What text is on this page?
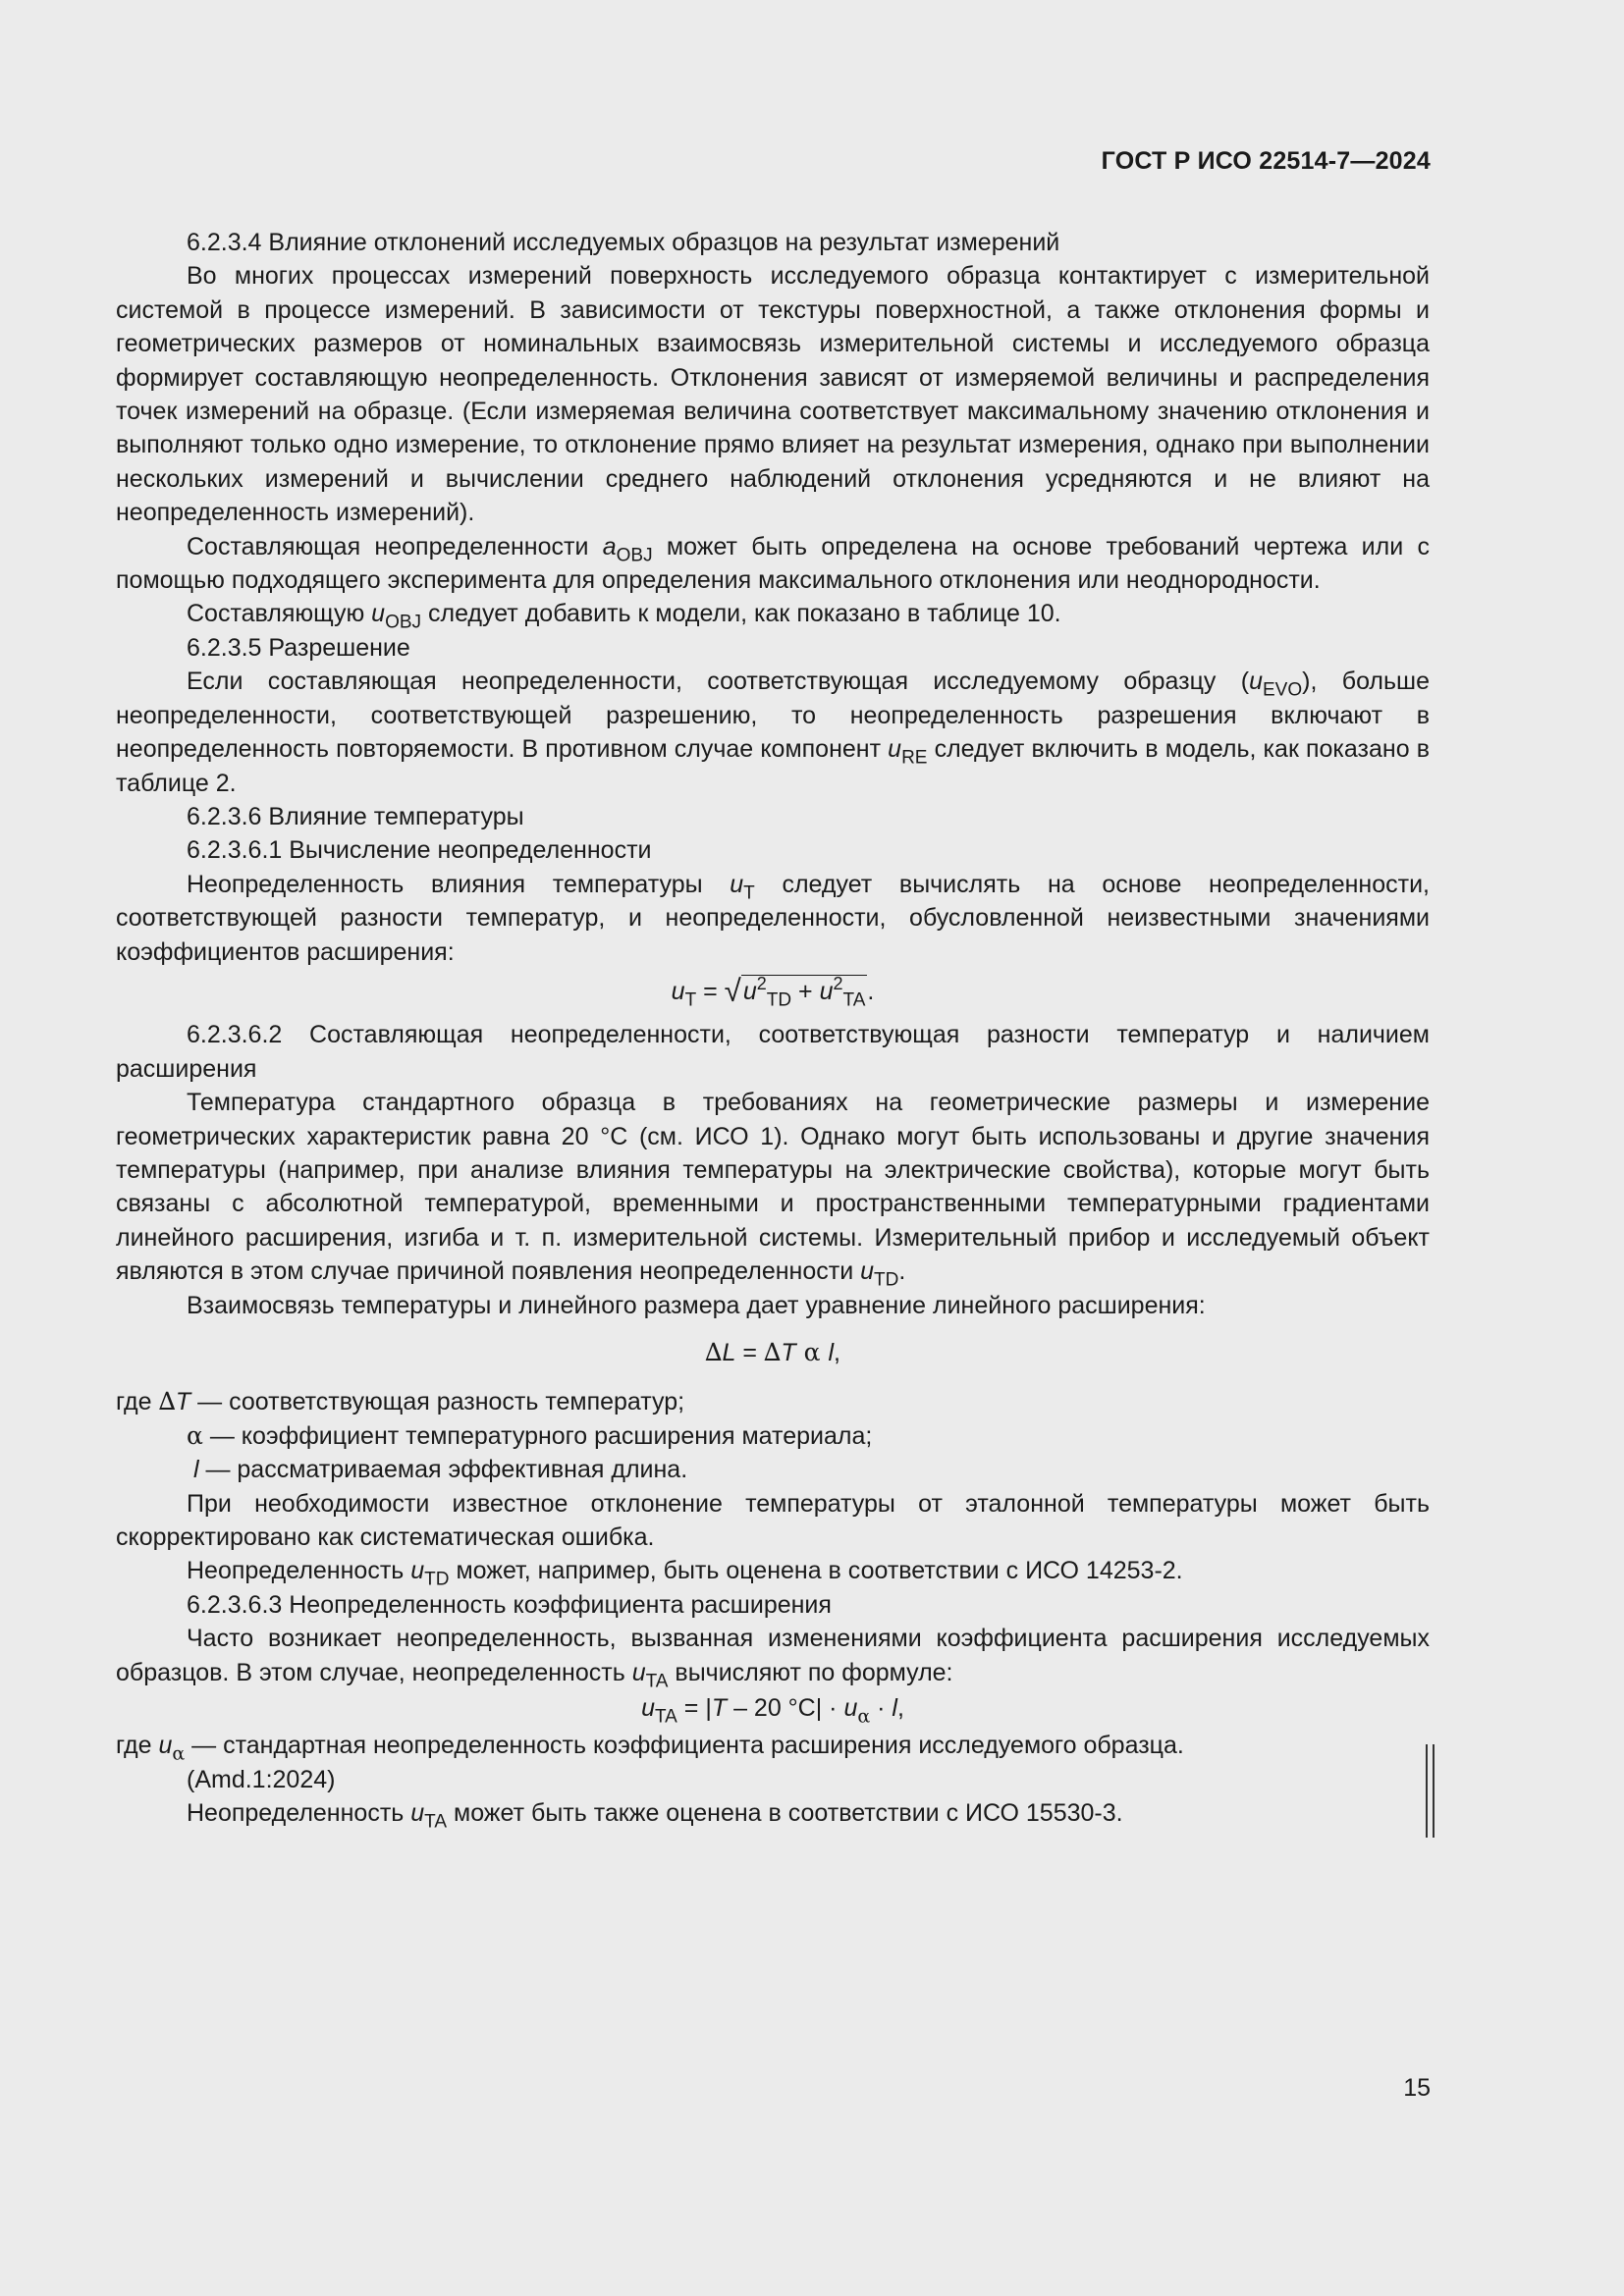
ГОСТ Р ИСО 22514-7—2024

6.2.3.4 Влияние отклонений исследуемых образцов на результат измерений

Во многих процессах измерений поверхность исследуемого образца контактирует с измерительной системой в процессе измерений. В зависимости от текстуры поверхностной, а также отклонения формы и геометрических размеров от номинальных взаимосвязь измерительной системы и исследуемого образца формирует составляющую неопределенность. Отклонения зависят от измеряемой величины и распределения точек измерений на образце. (Если измеряемая величина соответствует максимальному значению отклонения и выполняют только одно измерение, то отклонение прямо влияет на результат измерения, однако при выполнении нескольких измерений и вычислении среднего наблюдений отклонения усредняются и не влияют на неопределенность измерений).

Составляющая неопределенности $a_{OBJ}$ может быть определена на основе требований чертежа или с помощью подходящего эксперимента для определения максимального отклонения или неоднородности.

Составляющую $u_{OBJ}$ следует добавить к модели, как показано в таблице 10.

6.2.3.5 Разрешение

Если составляющая неопределенности, соответствующая исследуемому образцу $(u_{EVO})$, больше неопределенности, соответствующей разрешению, то неопределенность разрешения включают в неопределенность повторяемости. В противном случае компонент $u_{RE}$ следует включить в модель, как показано в таблице 2.

6.2.3.6 Влияние температуры

6.2.3.6.1 Вычисление неопределенности

Неопределенность влияния температуры $u_T$ следует вычислять на основе неопределенности, соответствующей разности температур, и неопределенности, обусловленной неизвестными значениями коэффициентов расширения:

$u_T = √u^2_{TD} + u^2_{TA}$.

6.2.3.6.2 Составляющая неопределенности, соответствующая разности температур и наличием расширения

Температура стандартного образца в требованиях на геометрические размеры и измерение геометрических характеристик равна 20 °С (см. ИСО 1). Однако могут быть использованы и другие значения температуры (например, при анализе влияния температуры на электрические свойства), которые могут быть связаны с абсолютной температурой, временными и пространственными температурными градиентами линейного расширения, изгиба и т. п. измерительной системы. Измерительный прибор и исследуемый объект являются в этом случае причиной появления неопределенности $u_{TD}$.

Взаимосвязь температуры и линейного размера дает уравнение линейного расширения:

∆L = ∆T α l,

где ∆T — соответствующая разность температур;

α — коэффициент температурного расширения материала;

l — рассматриваемая эффективная длина.

При необходимости известное отклонение температуры от эталонной температуры может быть скорректировано как систематическая ошибка.

Неопределенность $u_{TD}$ может, например, быть оценена в соответствии с ИСО 14253-2.

6.2.3.6.3 Неопределенность коэффициента расширения

Часто возникает неопределенность, вызванная изменениями коэффициента расширения исследуемых образцов. В этом случае, неопределенность $u_{TA}$ вычисляют по формуле:

$u_{TA} = |T - 20$ $^\circ C| \cdot u_\alpha \cdot l$,

где $u_\alpha$ — стандартная неопределенность коэффициента расширения исследуемого образца.

(Amd.1:2024)

Неопределенность $u_{TA}$ может быть также оценена в соответствии с ИСО 15530-3.

15
